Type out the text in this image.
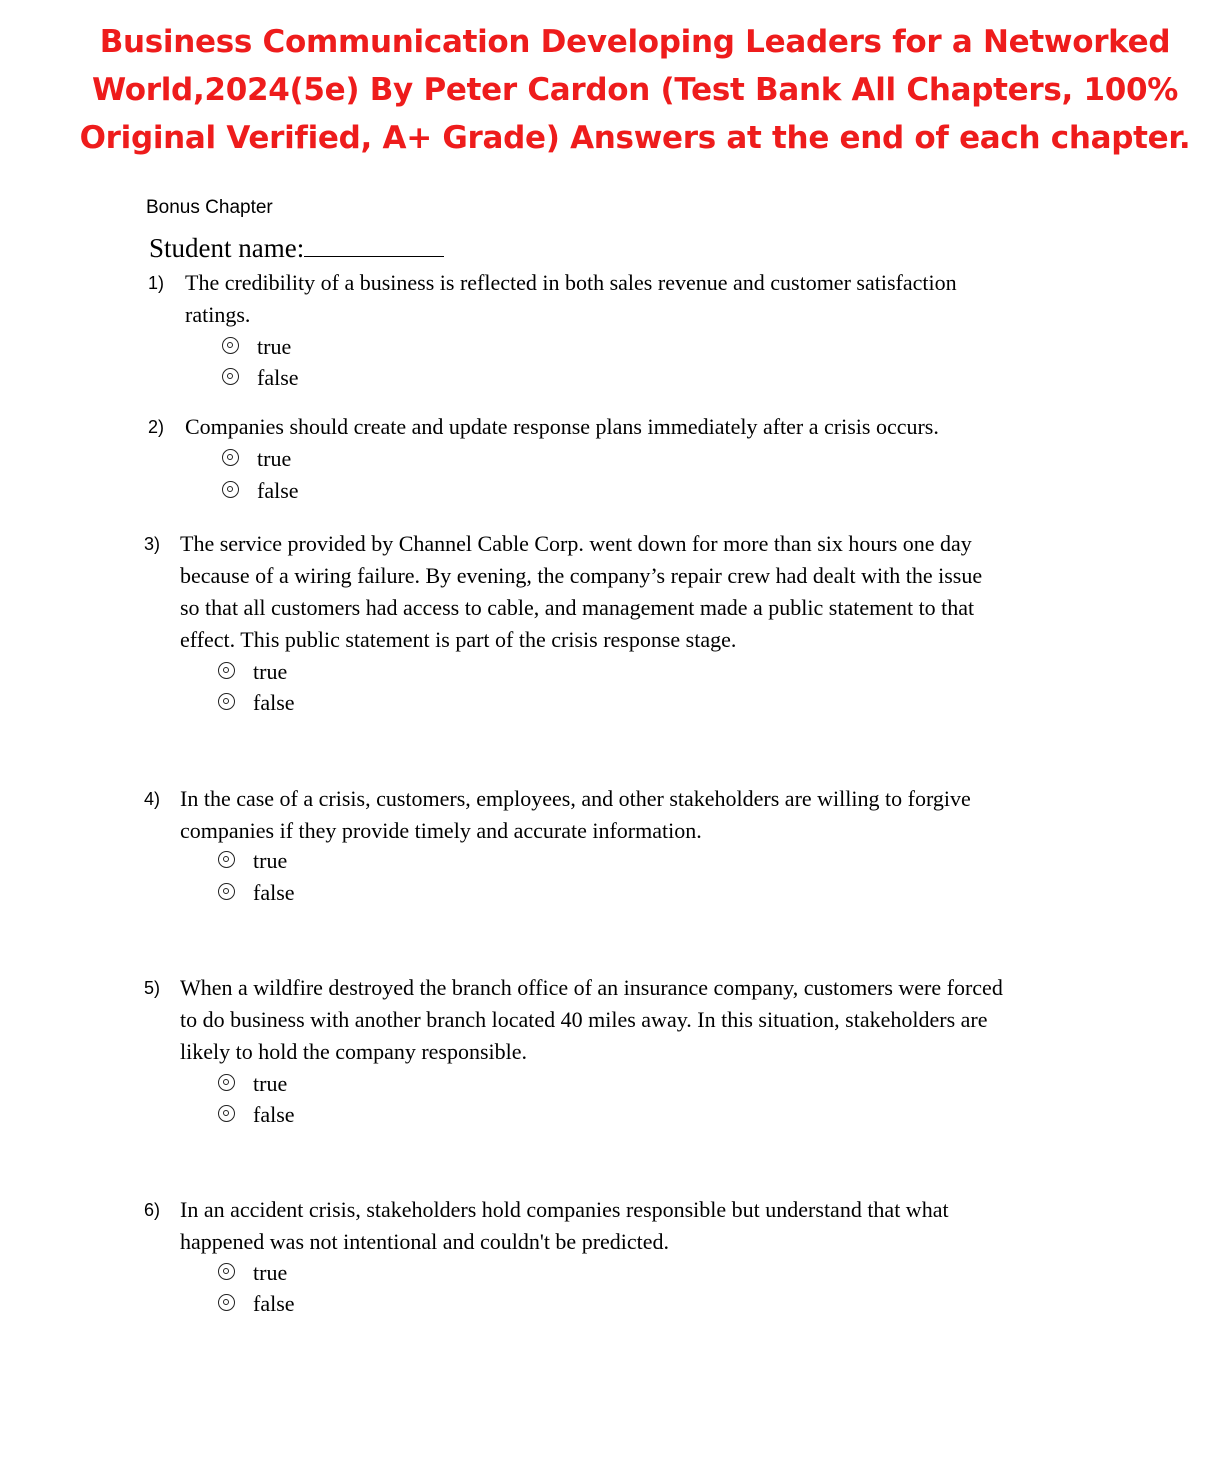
Business Communication Developing Leaders for a Networked
World,2024(5e) By Peter Cardon (Test Bank All Chapters, 100%
Original Verified, A+ Grade) Answers at the end of each chapter.
Bonus Chapter
Student name:
1) The credibility of a business is reflected in both sales revenue and customer satisfaction
ratings.
true
false
2) Companies should create and update response plans immediately after a crisis occurs.
true
false
3) The service provided by Channel Cable Corp. went down for more than six hours one day
because of a wiring failure. By evening, the company’s repair crew had dealt with the issue
so that all customers had access to cable, and management made a public statement to that
effect. This public statement is part of the crisis response stage.
true
false
4) In the case of a crisis, customers, employees, and other stakeholders are willing to forgive
companies if they provide timely and accurate information.
true
false
5) When a wildfire destroyed the branch office of an insurance company, customers were forced
to do business with another branch located 40 miles away. In this situation, stakeholders are
likely to hold the company responsible.
true
false
6) In an accident crisis, stakeholders hold companies responsible but understand that what
happened was not intentional and couldn't be predicted.
true
false
